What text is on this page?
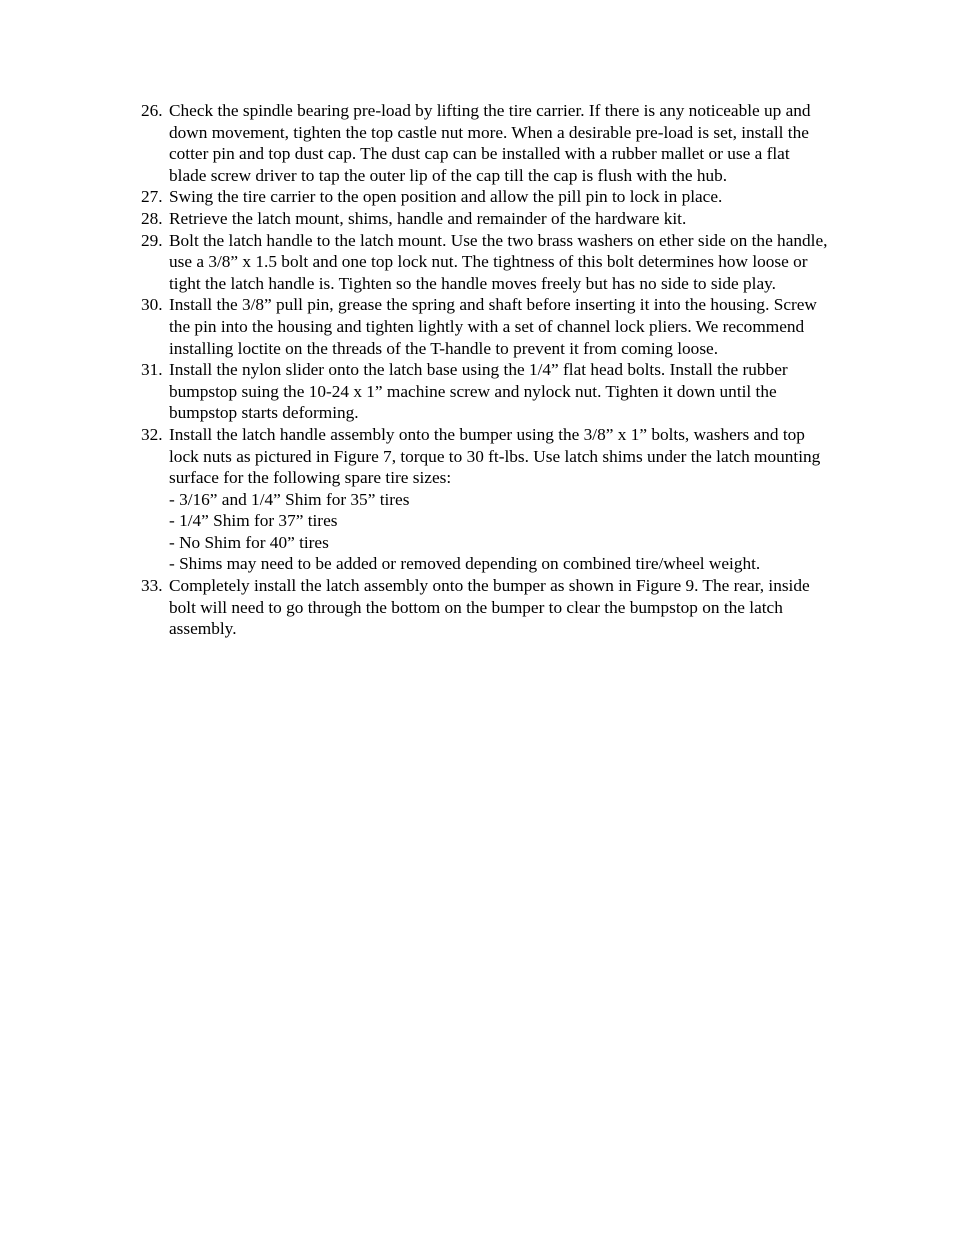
26. Check the spindle bearing pre-load by lifting the tire carrier. If there is any noticeable up and down movement, tighten the top castle nut more. When a desirable pre-load is set, install the cotter pin and top dust cap. The dust cap can be installed with a rubber mallet or use a flat blade screw driver to tap the outer lip of the cap till the cap is flush with the hub.
27. Swing the tire carrier to the open position and allow the pill pin to lock in place.
28. Retrieve the latch mount, shims, handle and remainder of the hardware kit.
29. Bolt the latch handle to the latch mount. Use the two brass washers on ether side on the handle, use a 3/8” x 1.5 bolt and one top lock nut. The tightness of this bolt determines how loose or tight the latch handle is. Tighten so the handle moves freely but has no side to side play.
30. Install the 3/8” pull pin, grease the spring and shaft before inserting it into the housing. Screw the pin into the housing and tighten lightly with a set of channel lock pliers. We recommend installing loctite on the threads of the T-handle to prevent it from coming loose.
31. Install the nylon slider onto the latch base using the 1/4” flat head bolts. Install the rubber bumpstop suing the 10-24 x 1” machine screw and nylock nut. Tighten it down until the bumpstop starts deforming.
32. Install the latch handle assembly onto the bumper using the 3/8” x 1” bolts, washers and top lock nuts as pictured in Figure 7, torque to 30 ft-lbs. Use latch shims under the latch mounting surface for the following spare tire sizes:
- 3/16” and 1/4” Shim for 35” tires
- 1/4” Shim for 37” tires
- No Shim for 40” tires
- Shims may need to be added or removed depending on combined tire/wheel weight.
33. Completely install the latch assembly onto the bumper as shown in Figure 9. The rear, inside bolt will need to go through the bottom on the bumper to clear the bumpstop on the latch assembly.
